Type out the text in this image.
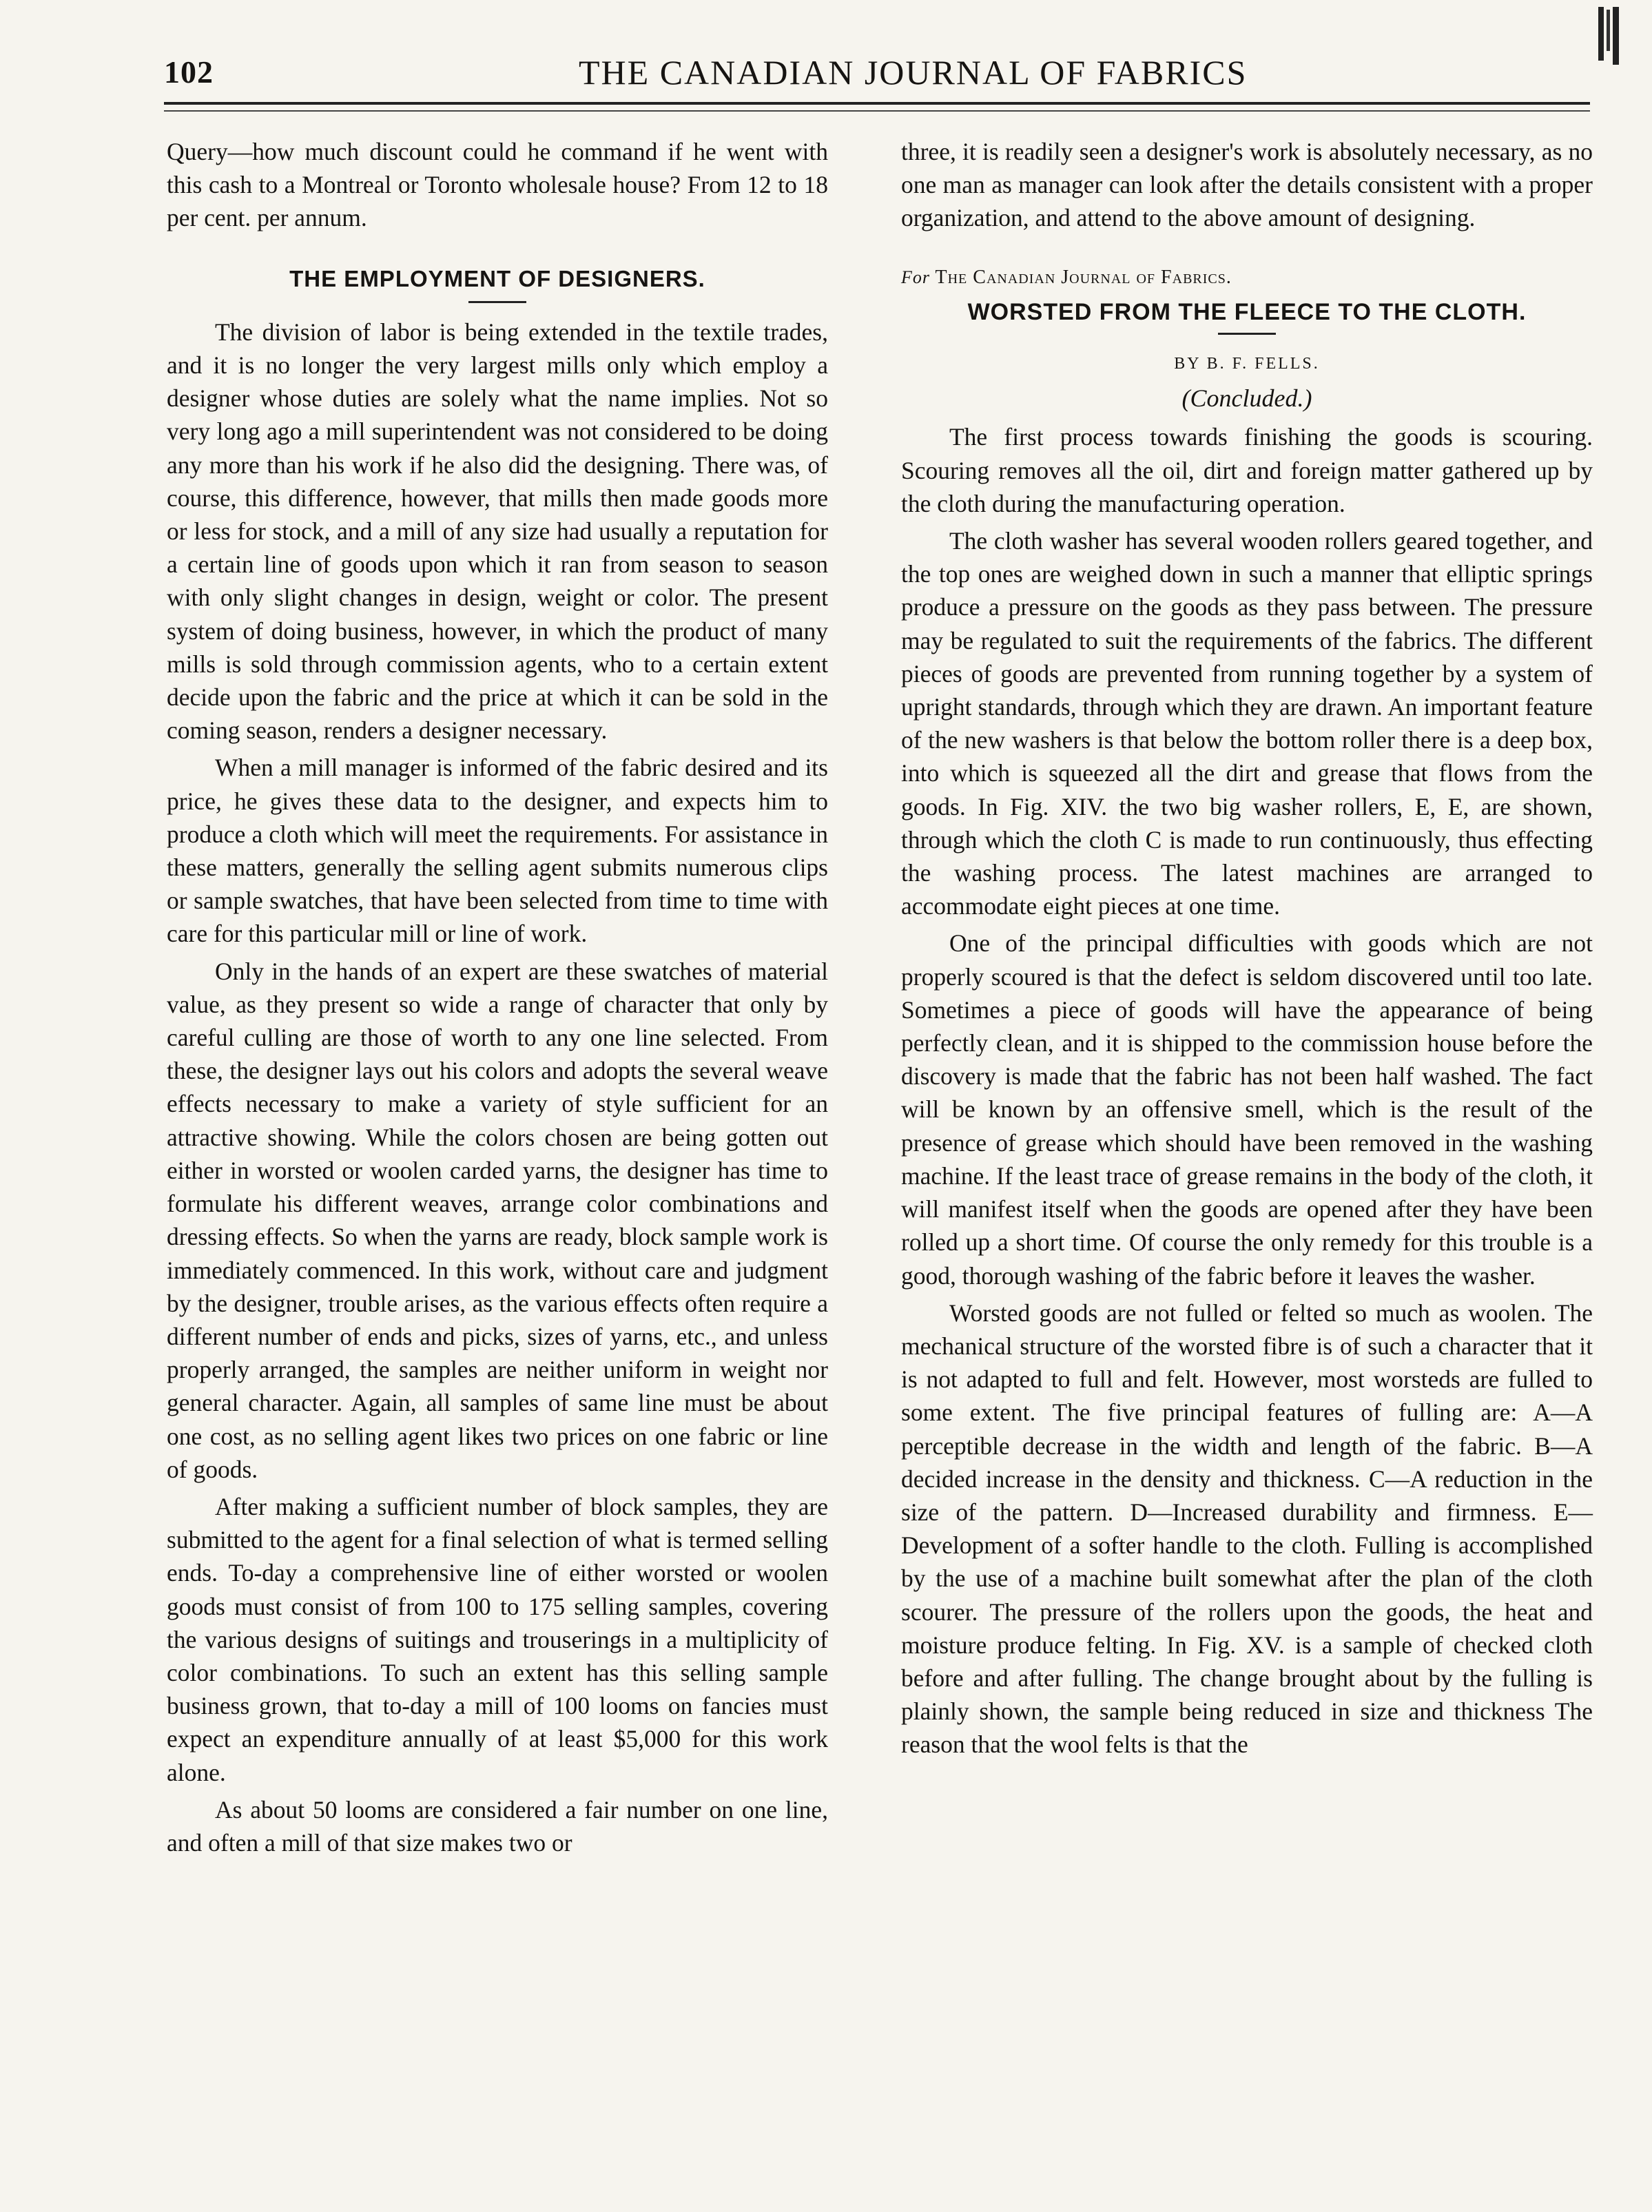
102	THE CANADIAN JOURNAL OF FABRICS

Query—how much discount could he command if he went with this cash to a Montreal or Toronto wholesale house? From 12 to 18 per cent. per annum.

THE EMPLOYMENT OF DESIGNERS.

The division of labor is being extended in the textile trades, and it is no longer the very largest mills only which employ a designer whose duties are solely what the name implies. Not so very long ago a mill superintendent was not considered to be doing any more than his work if he also did the designing. There was, of course, this difference, however, that mills then made goods more or less for stock, and a mill of any size had usually a reputation for a certain line of goods upon which it ran from season to season with only slight changes in design, weight or color. The present system of doing business, however, in which the product of many mills is sold through commission agents, who to a certain extent decide upon the fabric and the price at which it can be sold in the coming season, renders a designer necessary.

When a mill manager is informed of the fabric desired and its price, he gives these data to the designer, and expects him to produce a cloth which will meet the requirements. For assistance in these matters, generally the selling agent submits numerous clips or sample swatches, that have been selected from time to time with care for this particular mill or line of work.

Only in the hands of an expert are these swatches of material value, as they present so wide a range of character that only by careful culling are those of worth to any one line selected. From these, the designer lays out his colors and adopts the several weave effects necessary to make a variety of style sufficient for an attractive showing. While the colors chosen are being gotten out either in worsted or woolen carded yarns, the designer has time to formulate his different weaves, arrange color combinations and dressing effects. So when the yarns are ready, block sample work is immediately commenced. In this work, without care and judgment by the designer, trouble arises, as the various effects often require a different number of ends and picks, sizes of yarns, etc., and unless properly arranged, the samples are neither uniform in weight nor general character. Again, all samples of same line must be about one cost, as no selling agent likes two prices on one fabric or line of goods.

After making a sufficient number of block samples, they are submitted to the agent for a final selection of what is termed selling ends. To-day a comprehensive line of either worsted or woolen goods must consist of from 100 to 175 selling samples, covering the various designs of suitings and trouserings in a multiplicity of color combinations. To such an extent has this selling sample business grown, that to-day a mill of 100 looms on fancies must expect an expenditure annually of at least $5,000 for this work alone.

As about 50 looms are considered a fair number on one line, and often a mill of that size makes two or

three, it is readily seen a designer's work is absolutely necessary, as no one man as manager can look after the details consistent with a proper organization, and attend to the above amount of designing.

For The Canadian Journal of Fabrics.
WORSTED FROM THE FLEECE TO THE CLOTH.
BY B. F. FELLS.
(Concluded.)

The first process towards finishing the goods is scouring. Scouring removes all the oil, dirt and foreign matter gathered up by the cloth during the manufacturing operation.

The cloth washer has several wooden rollers geared together, and the top ones are weighed down in such a manner that elliptic springs produce a pressure on the goods as they pass between. The pressure may be regulated to suit the requirements of the fabrics. The different pieces of goods are prevented from running together by a system of upright standards, through which they are drawn. An important feature of the new washers is that below the bottom roller there is a deep box, into which is squeezed all the dirt and grease that flows from the goods. In Fig. XIV. the two big washer rollers, E, E, are shown, through which the cloth C is made to run continuously, thus effecting the washing process. The latest machines are arranged to accommodate eight pieces at one time.

One of the principal difficulties with goods which are not properly scoured is that the defect is seldom discovered until too late. Sometimes a piece of goods will have the appearance of being perfectly clean, and it is shipped to the commission house before the discovery is made that the fabric has not been half washed. The fact will be known by an offensive smell, which is the result of the presence of grease which should have been removed in the washing machine. If the least trace of grease remains in the body of the cloth, it will manifest itself when the goods are opened after they have been rolled up a short time. Of course the only remedy for this trouble is a good, thorough washing of the fabric before it leaves the washer.

Worsted goods are not fulled or felted so much as woolen. The mechanical structure of the worsted fibre is of such a character that it is not adapted to full and felt. However, most worsteds are fulled to some extent. The five principal features of fulling are: A—A perceptible decrease in the width and length of the fabric. B—A decided increase in the density and thickness. C—A reduction in the size of the pattern. D—Increased durability and firmness. E—Development of a softer handle to the cloth. Fulling is accomplished by the use of a machine built somewhat after the plan of the cloth scourer. The pressure of the rollers upon the goods, the heat and moisture produce felting. In Fig. XV. is a sample of checked cloth before and after fulling. The change brought about by the fulling is plainly shown, the sample being reduced in size and thickness The reason that the wool felts is that the
